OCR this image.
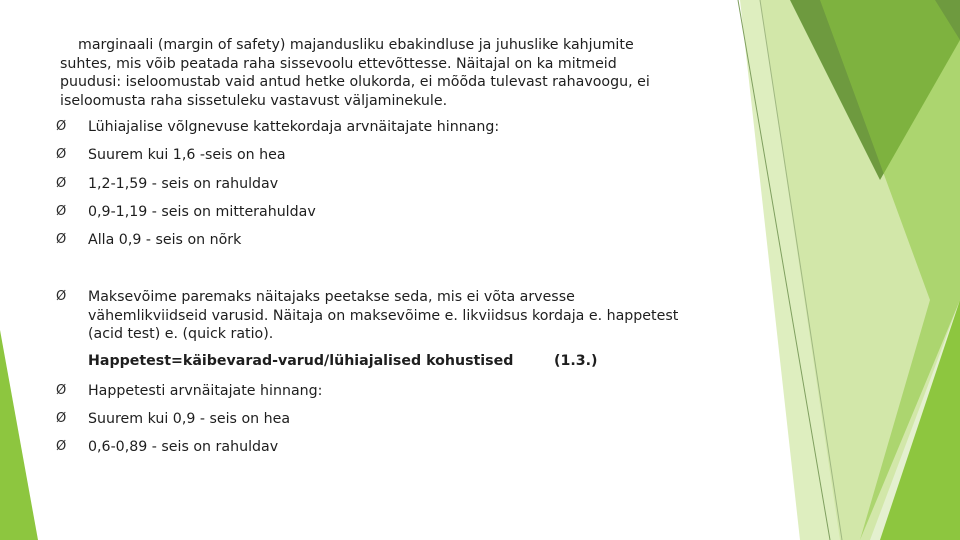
marginaali (margin of safety) majandusliku ebakindluse ja juhuslike kahjumite
suhtes, mis võib peatada raha sissevoolu ettevõttesse. Näitajal on ka mitmeid
puudusi: iseloomustab vaid antud hetke olukorda, ei mõõda tulevast rahavoogu, ei
iseloomusta raha sissetuleku vastavust väljaminekule.

Ø	Lühiajalise võlgnevuse kattekordaja arvnäitajate hinnang:
Ø	Suurem kui 1,6 -seis on hea
Ø	1,2-1,59 - seis on rahuldav
Ø	0,9-1,19 - seis on mitterahuldav
Ø	Alla 0,9 - seis on nõrk
Ø	Maksevõime paremaks näitajaks peetakse seda, mis ei võta arvesse
vähemlikviidseid varusid. Näitaja on maksevõime e. likviidsus kordaja e. happetest
(acid test) e. (quick ratio).
Happetest=käibevarad-varud/lühiajalised kohustised	(1.3.)
Ø	Happetesti arvnäitajate hinnang:
Ø	Suurem kui 0,9 - seis on hea
Ø	0,6-0,89 - seis on rahuldav
